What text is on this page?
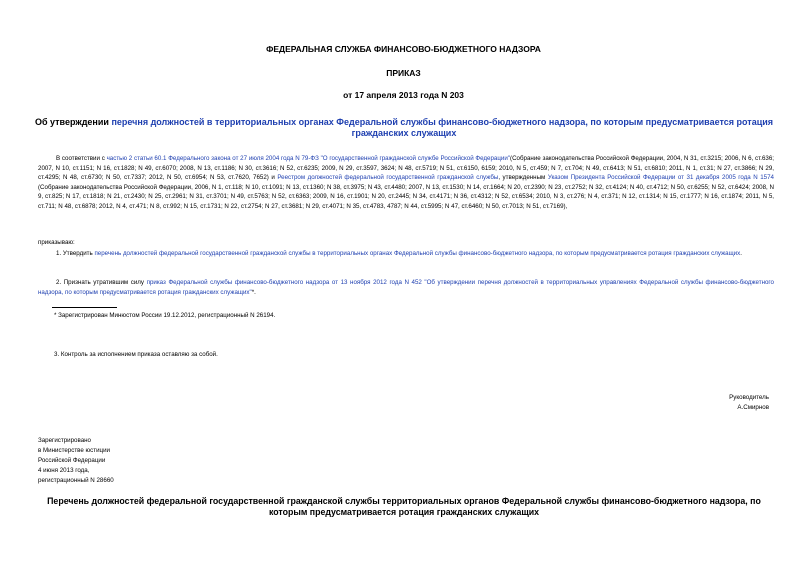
ФЕДЕРАЛЬНАЯ СЛУЖБА ФИНАНСОВО-БЮДЖЕТНОГО НАДЗОРА
ПРИКАЗ
от 17 апреля 2013 года N 203
Об утверждении перечня должностей в территориальных органах Федеральной службы финансово-бюджетного надзора, по которым предусматривается ротация гражданских служащих
В соответствии с частью 2 статьи 60.1 Федерального закона от 27 июля 2004 года N 79-ФЗ "О государственной гражданской службе Российской Федерации"(Собрание законодательства Российской Федерации, 2004, N 31, ст.3215; 2006, N 6, ст.636; 2007, N 10, ст.1151; N 16, ст.1828; N 49, ст.6070; 2008, N 13, ст.1186; N 30, ст.3616; N 52, ст.6235; 2009, N 29, ст.3597, 3624; N 48, ст.5719; N 51, ст.6150, 6159; 2010, N 5, ст.459; N 7, ст.704; N 49, ст.6413; N 51, ст.6810; 2011, N 1, ст.31; N 27, ст.3866; N 29, ст.4295; N 48, ст.6730; N 50, ст.7337; 2012, N 50, ст.6954; N 53, ст.7620, 7652) и Реестром должностей федеральной государственной гражданской службы, утвержденным Указом Президента Российской Федерации от 31 декабря 2005 года N 1574 (Собрание законодательства Российской Федерации, 2006, N 1, ст.118; N 10, ст.1091; N 13, ст.1360; N 38, ст.3975; N 43, ст.4480; 2007, N 13, ст.1530; N 14, ст.1664; N 20, ст.2390; N 23, ст.2752; N 32, ст.4124; N 40, ст.4712; N 50, ст.6255; N 52, ст.6424; 2008, N 9, ст.825; N 17, ст.1818; N 21, ст.2430; N 25, ст.2961; N 31, ст.3701; N 49, ст.5763; N 52, ст.6363; 2009, N 16, ст.1901; N 20, ст.2445; N 34, ст.4171; N 36, ст.4312; N 52, ст.6534; 2010, N 3, ст.276; N 4, ст.371; N 12, ст.1314; N 15, ст.1777; N 16, ст.1874; 2011, N 5, ст.711; N 48, ст.6878; 2012, N 4, ст.471; N 8, ст.992; N 15, ст.1731; N 22, ст.2754; N 27, ст.3681; N 29, ст.4071; N 35, ст.4783, 4787; N 44, ст.5995; N 47, ст.6460; N 50, ст.7013; N 51, ст.7169),
приказываю:
1. Утвердить перечень должностей федеральной государственной гражданской службы в территориальных органах Федеральной службы финансово-бюджетного надзора, по которым предусматривается ротация гражданских служащих.
2. Признать утратившим силу приказ Федеральной службы финансово-бюджетного надзора от 13 ноября 2012 года N 452 "Об утверждении перечня должностей в территориальных управлениях Федеральной службы финансово-бюджетного надзора, по которым предусматривается ротация гражданских служащих"*.
* Зарегистрирован Минюстом России 19.12.2012, регистрационный N 26194.
3. Контроль за исполнением приказа оставляю за собой.
Руководитель
А.Смирнов
Зарегистрировано
в Министерстве юстиции
Российской Федерации
4 июня 2013 года,
регистрационный N 28660
Перечень должностей федеральной государственной гражданской службы территориальных органов Федеральной службы финансово-бюджетного надзора, по которым предусматривается ротация гражданских служащих
